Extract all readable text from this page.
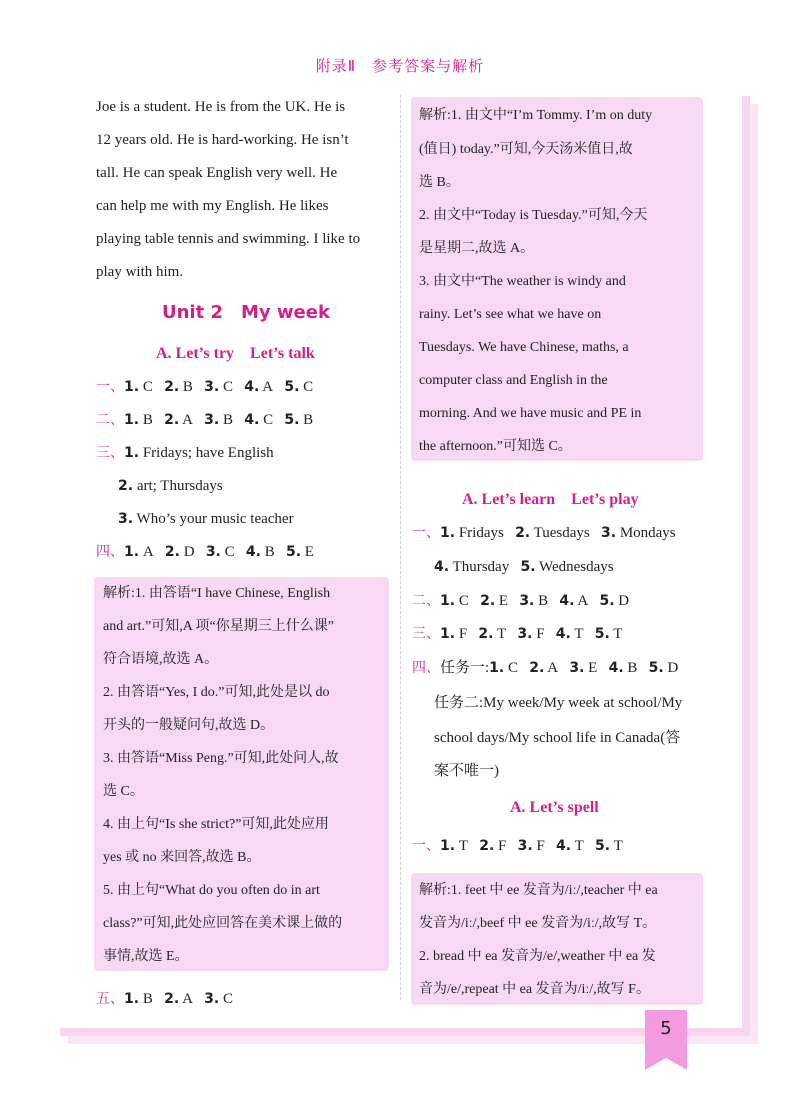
附录Ⅱ　参考答案与解析
Joe is a student. He is from the UK. He is
12 years old. He is hard-working. He isn’t
tall. He can speak English very well. He
can help me with my English. He likes
playing table tennis and swimming. I like to
play with him.
Unit 2　My week
A. Let’s try　Let’s talk
一、1. C 2. B 3. C 4. A 5. C
二、1. B 2. A 3. B 4. C 5. B
三、1. Fridays; have English
2. art; Thursdays
3. Who’s your music teacher
四、1. A 2. D 3. C 4. B 5. E
解析:1. 由答语“I have Chinese, English
and art.”可知,A 项“你星期三上什么课”
符合语境,故选 A。
2. 由答语“Yes, I do.”可知,此处是以 do
开头的一般疑问句,故选 D。
3. 由答语“Miss Peng.”可知,此处问人,故
选 C。
4. 由上句“Is she strict?”可知,此处应用
yes 或 no 来回答,故选 B。
5. 由上句“What do you often do in art
class?”可知,此处应回答在美术课上做的
事情,故选 E。
五、1. B 2. A 3. C
解析:1. 由文中“I’m Tommy. I’m on duty
(值日) today.”可知,今天汤米值日,故
选 B。
2. 由文中“Today is Tuesday.”可知,今天
是星期二,故选 A。
3. 由文中“The weather is windy and
rainy. Let’s see what we have on
Tuesdays. We have Chinese, maths, a
computer class and English in the
morning. And we have music and PE in
the afternoon.”可知选 C。
A. Let’s learn　Let’s play
一、1. Fridays 2. Tuesdays 3. Mondays
4. Thursday 5. Wednesdays
二、1. C 2. E 3. B 4. A 5. D
三、1. F 2. T 3. F 4. T 5. T
四、任务一:1. C 2. A 3. E 4. B 5. D
任务二:My week/My week at school/My
school days/My school life in Canada(答
案不唯一)
A. Let’s spell
一、1. T 2. F 3. F 4. T 5. T
解析:1. feet 中 ee 发音为/iː/,teacher 中 ea
发音为/iː/,beef 中 ee 发音为/iː/,故写 T。
2. bread 中 ea 发音为/e/,weather 中 ea 发
音为/e/,repeat 中 ea 发音为/iː/,故写 F。
5
